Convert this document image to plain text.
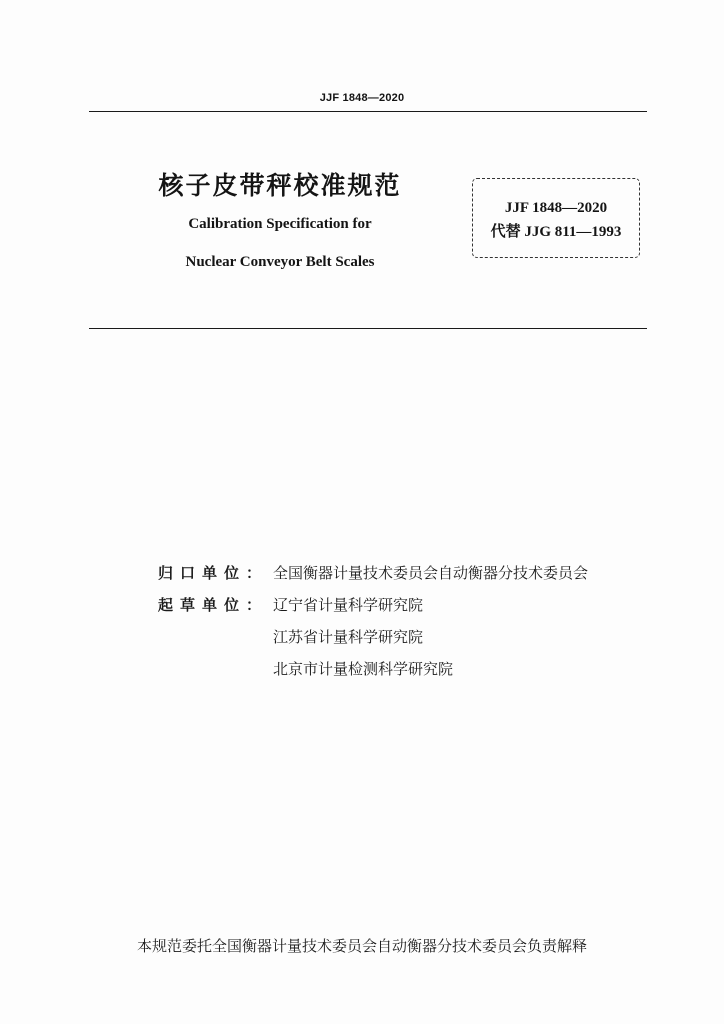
JJF 1848—2020
核子皮带秤校准规范
Calibration Specification for
Nuclear Conveyor Belt Scales
JJF 1848—2020
代替 JJG 811—1993
归口单位： 全国衡器计量技术委员会自动衡器分技术委员会
起草单位： 辽宁省计量科学研究院
江苏省计量科学研究院
北京市计量检测科学研究院
本规范委托全国衡器计量技术委员会自动衡器分技术委员会负责解释
